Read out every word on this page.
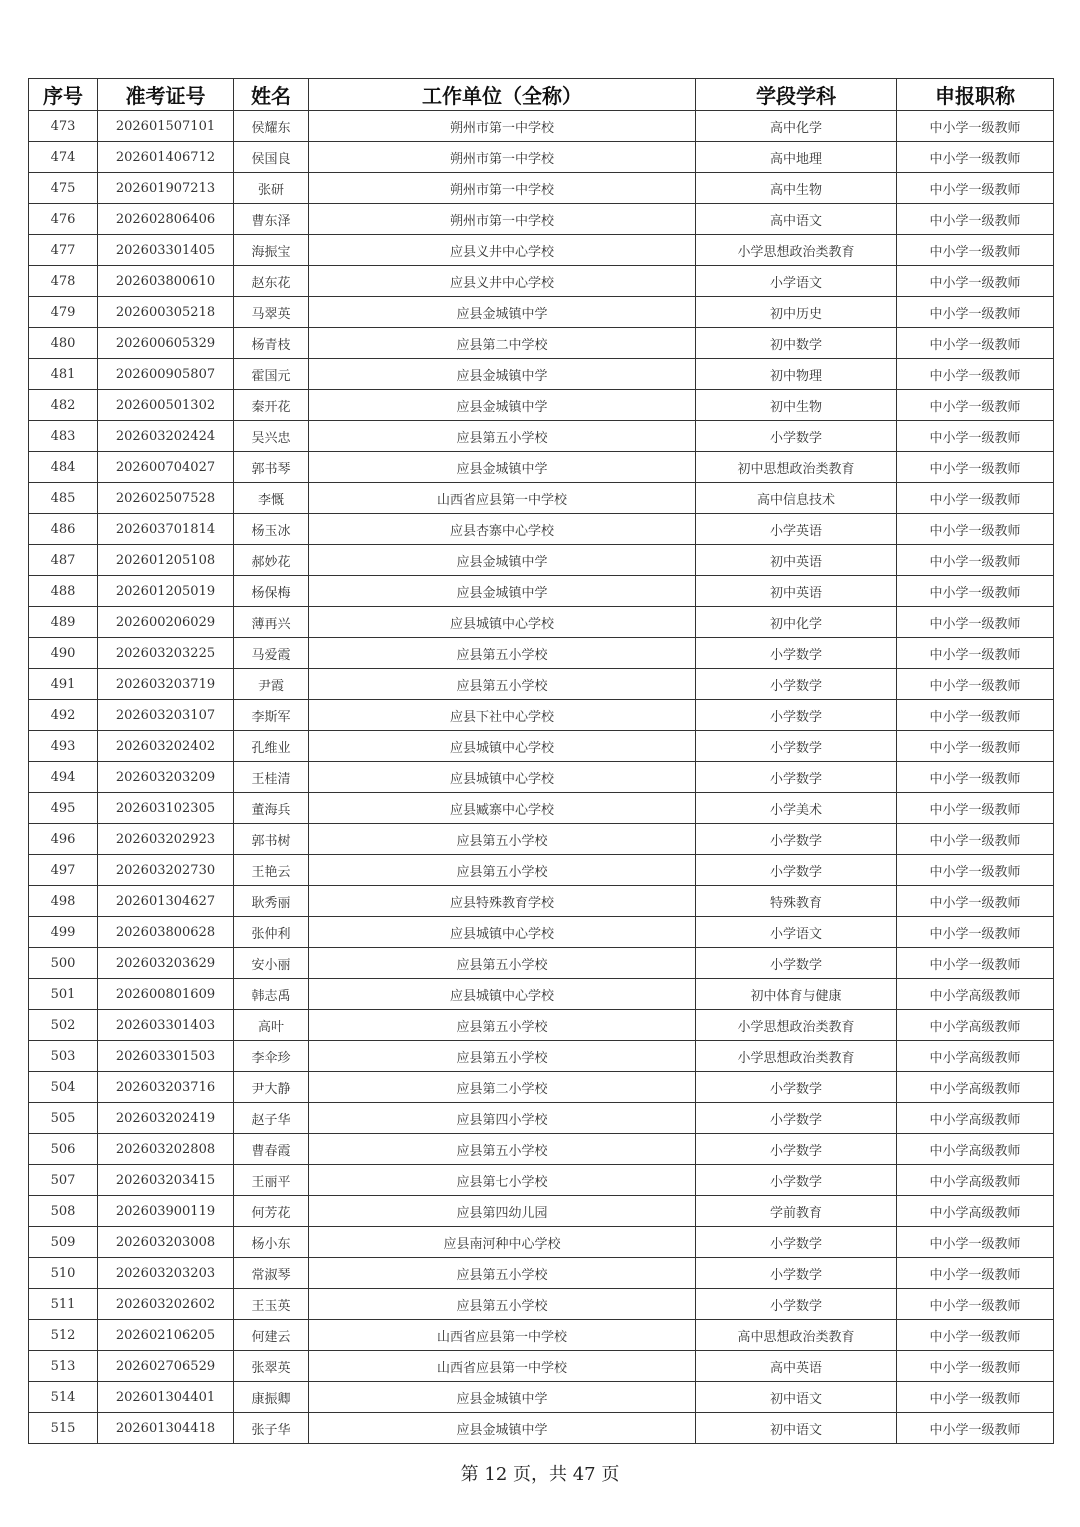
序号	准考证号	姓名	工作单位（全称）	学段学科	申报职称
473	202601507101	侯耀东	朔州市第一中学校	高中化学	中小学一级教师
474	202601406712	侯国良	朔州市第一中学校	高中地理	中小学一级教师
475	202601907213	张研	朔州市第一中学校	高中生物	中小学一级教师
476	202602806406	曹东泽	朔州市第一中学校	高中语文	中小学一级教师
477	202603301405	海振宝	应县义井中心学校	小学思想政治类教育	中小学一级教师
478	202603800610	赵东花	应县义井中心学校	小学语文	中小学一级教师
479	202600305218	马翠英	应县金城镇中学	初中历史	中小学一级教师
480	202600605329	杨青枝	应县第二中学校	初中数学	中小学一级教师
481	202600905807	霍国元	应县金城镇中学	初中物理	中小学一级教师
482	202600501302	秦开花	应县金城镇中学	初中生物	中小学一级教师
483	202603202424	吴兴忠	应县第五小学校	小学数学	中小学一级教师
484	202600704027	郭书琴	应县金城镇中学	初中思想政治类教育	中小学一级教师
485	202602507528	李慨	山西省应县第一中学校	高中信息技术	中小学一级教师
486	202603701814	杨玉冰	应县杏寨中心学校	小学英语	中小学一级教师
487	202601205108	郝妙花	应县金城镇中学	初中英语	中小学一级教师
488	202601205019	杨保梅	应县金城镇中学	初中英语	中小学一级教师
489	202600206029	薄再兴	应县城镇中心学校	初中化学	中小学一级教师
490	202603203225	马爱霞	应县第五小学校	小学数学	中小学一级教师
491	202603203719	尹霞	应县第五小学校	小学数学	中小学一级教师
492	202603203107	李斯军	应县下社中心学校	小学数学	中小学一级教师
493	202603202402	孔维业	应县城镇中心学校	小学数学	中小学一级教师
494	202603203209	王桂清	应县城镇中心学校	小学数学	中小学一级教师
495	202603102305	董海兵	应县臧寨中心学校	小学美术	中小学一级教师
496	202603202923	郭书树	应县第五小学校	小学数学	中小学一级教师
497	202603202730	王艳云	应县第五小学校	小学数学	中小学一级教师
498	202601304627	耿秀丽	应县特殊教育学校	特殊教育	中小学一级教师
499	202603800628	张仲利	应县城镇中心学校	小学语文	中小学一级教师
500	202603203629	安小丽	应县第五小学校	小学数学	中小学一级教师
501	202600801609	韩志禹	应县城镇中心学校	初中体育与健康	中小学高级教师
502	202603301403	高叶	应县第五小学校	小学思想政治类教育	中小学高级教师
503	202603301503	李伞珍	应县第五小学校	小学思想政治类教育	中小学高级教师
504	202603203716	尹大静	应县第二小学校	小学数学	中小学高级教师
505	202603202419	赵子华	应县第四小学校	小学数学	中小学高级教师
506	202603202808	曹春霞	应县第五小学校	小学数学	中小学高级教师
507	202603203415	王丽平	应县第七小学校	小学数学	中小学高级教师
508	202603900119	何芳花	应县第四幼儿园	学前教育	中小学高级教师
509	202603203008	杨小东	应县南河种中心学校	小学数学	中小学一级教师
510	202603203203	常淑琴	应县第五小学校	小学数学	中小学一级教师
511	202603202602	王玉英	应县第五小学校	小学数学	中小学一级教师
512	202602106205	何建云	山西省应县第一中学校	高中思想政治类教育	中小学一级教师
513	202602706529	张翠英	山西省应县第一中学校	高中英语	中小学一级教师
514	202601304401	康振卿	应县金城镇中学	初中语文	中小学一级教师
515	202601304418	张子华	应县金城镇中学	初中语文	中小学一级教师
第 12 页，共 47 页
